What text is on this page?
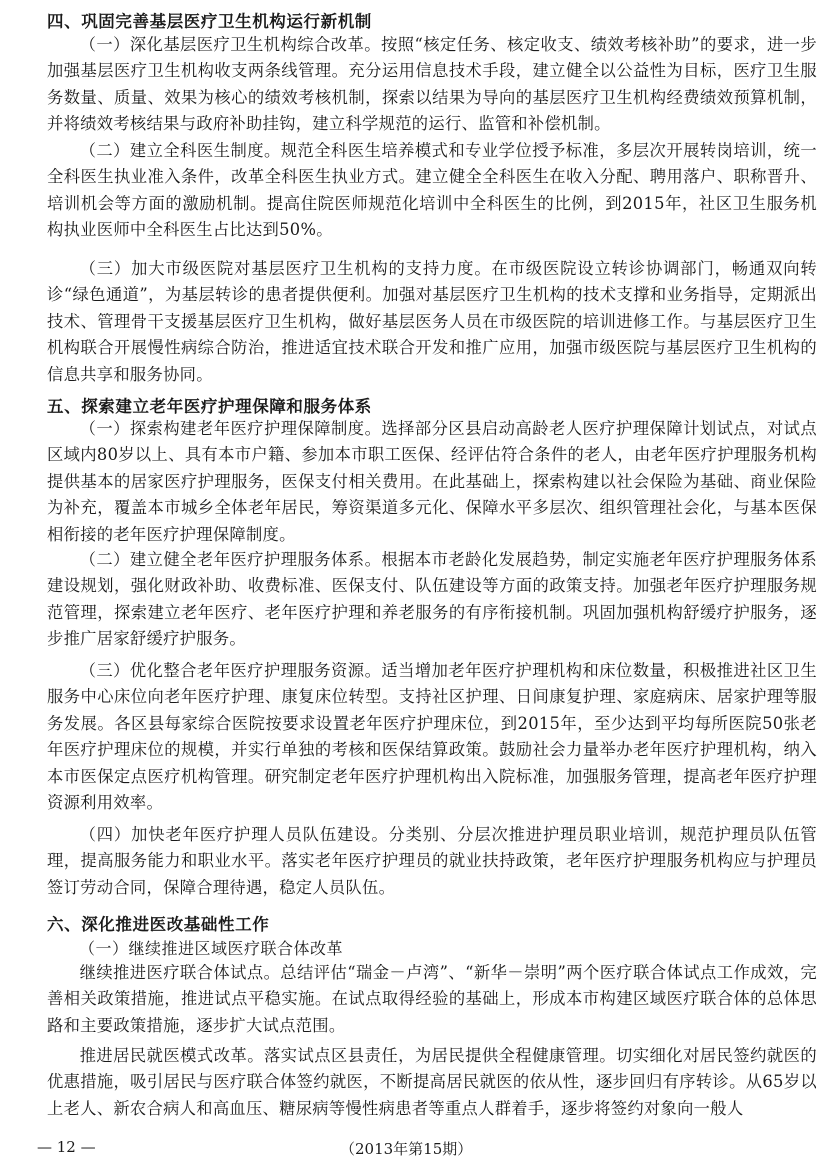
四、巩固完善基层医疗卫生机构运行新机制

（一）深化基层医疗卫生机构综合改革。按照“核定任务、核定收支、绩效考核补助”的要求，进一步加强基层医疗卫生机构收支两条线管理。充分运用信息技术手段，建立健全以公益性为目标，医疗卫生服务数量、质量、效果为核心的绩效考核机制，探索以结果为导向的基层医疗卫生机构经费绩效预算机制，并将绩效考核结果与政府补助挂钩，建立科学规范的运行、监管和补偿机制。

（二）建立全科医生制度。规范全科医生培养模式和专业学位授予标准，多层次开展转岗培训，统一全科医生执业准入条件，改革全科医生执业方式。建立健全全科医生在收入分配、聘用落户、职称晋升、培训机会等方面的激励机制。提高住院医师规范化培训中全科医生的比例，到2015年，社区卫生服务机构执业医师中全科医生占比达到50%。

（三）加大市级医院对基层医疗卫生机构的支持力度。在市级医院设立转诊协调部门，畅通双向转诊“绿色通道”，为基层转诊的患者提供便利。加强对基层医疗卫生机构的技术支撑和业务指导，定期派出技术、管理骨干支援基层医疗卫生机构，做好基层医务人员在市级医院的培训进修工作。与基层医疗卫生机构联合开展慢性病综合防治，推进适宜技术联合开发和推广应用，加强市级医院与基层医疗卫生机构的信息共享和服务协同。

五、探索建立老年医疗护理保障和服务体系

（一）探索构建老年医疗护理保障制度。选择部分区县启动高龄老人医疗护理保障计划试点，对试点区域内80岁以上、具有本市户籍、参加本市职工医保、经评估符合条件的老人，由老年医疗护理服务机构提供基本的居家医疗护理服务，医保支付相关费用。在此基础上，探索构建以社会保险为基础、商业保险为补充，覆盖本市城乡全体老年居民，筹资渠道多元化、保障水平多层次、组织管理社会化，与基本医保相衔接的老年医疗护理保障制度。

（二）建立健全老年医疗护理服务体系。根据本市老龄化发展趋势，制定实施老年医疗护理服务体系建设规划，强化财政补助、收费标准、医保支付、队伍建设等方面的政策支持。加强老年医疗护理服务规范管理，探索建立老年医疗、老年医疗护理和养老服务的有序衔接机制。巩固加强机构舒缓疗护服务，逐步推广居家舒缓疗护服务。

（三）优化整合老年医疗护理服务资源。适当增加老年医疗护理机构和床位数量，积极推进社区卫生服务中心床位向老年医疗护理、康复床位转型。支持社区护理、日间康复护理、家庭病床、居家护理等服务发展。各区县每家综合医院按要求设置老年医疗护理床位，到2015年，至少达到平均每所医院50张老年医疗护理床位的规模，并实行单独的考核和医保结算政策。鼓励社会力量举办老年医疗护理机构，纳入本市医保定点医疗机构管理。研究制定老年医疗护理机构出入院标准，加强服务管理，提高老年医疗护理资源利用效率。

（四）加快老年医疗护理人员队伍建设。分类别、分层次推进护理员职业培训，规范护理员队伍管理，提高服务能力和职业水平。落实老年医疗护理员的就业扶持政策，老年医疗护理服务机构应与护理员签订劳动合同，保障合理待遇，稳定人员队伍。

六、深化推进医改基础性工作
（一）继续推进区域医疗联合体改革

继续推进医疗联合体试点。总结评估“瑞金－卢湾”、“新华－崇明”两个医疗联合体试点工作成效，完善相关政策措施，推进试点平稳实施。在试点取得经验的基础上，形成本市构建区域医疗联合体的总体思路和主要政策措施，逐步扩大试点范围。

推进居民就医模式改革。落实试点区县责任，为居民提供全程健康管理。切实细化对居民签约就医的优惠措施，吸引居民与医疗联合体签约就医，不断提高居民就医的依从性，逐步回归有序转诊。从65岁以上老人、新农合病人和高血压、糖尿病等慢性病患者等重点人群着手，逐步将签约对象向一般人

— 12 —	（2013年第15期）
